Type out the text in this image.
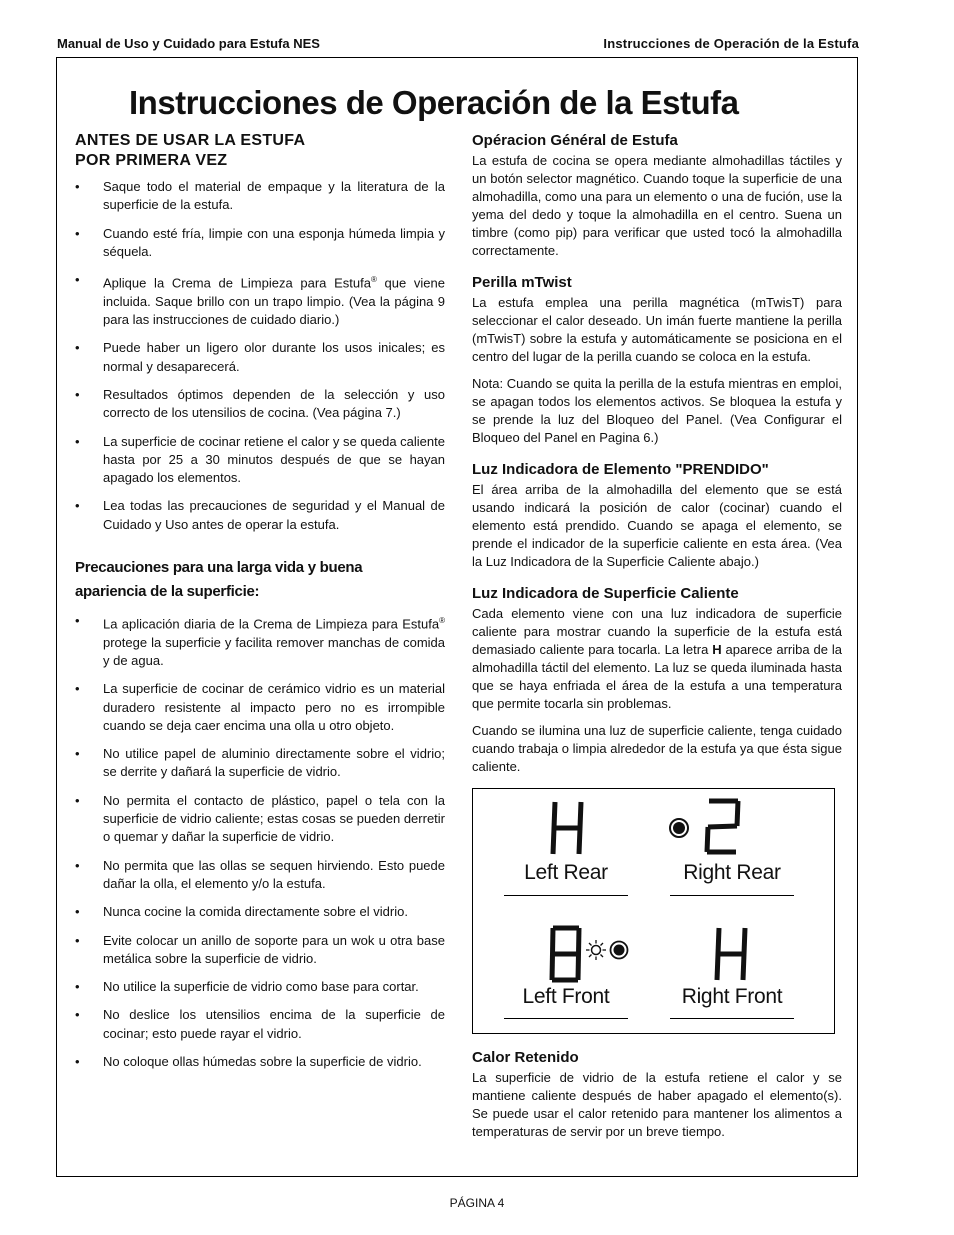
Manual de Uso y Cuidado para Estufa NES	Instrucciones de Operación de la Estufa
Instrucciones de Operación de la Estufa
ANTES DE USAR LA ESTUFA
POR PRIMERA VEZ
• Saque todo el material de empaque y la literatura de la superficie de la estufa.
• Cuando esté fría, limpie con una esponja húmeda limpia y séquela.
• Aplique la Crema de Limpieza para Estufa® que viene incluida. Saque brillo con un trapo limpio. (Vea la página 9 para las instrucciones de cuidado diario.)
• Puede haber un ligero olor durante los usos inicales; es normal y desaparecerá.
• Resultados óptimos dependen de la selección y uso correcto de los utensilios de cocina. (Vea página 7.)
• La superficie de cocinar retiene el calor y se queda caliente hasta por 25 a 30 minutos después de que se hayan apagado los elementos.
• Lea todas las precauciones de seguridad y el Manual de Cuidado y Uso antes de operar la estufa.
Precauciones para una larga vida y buena
apariencia de la superficie:
• La aplicación diaria de la Crema de Limpieza para Estufa® protege la superficie y facilita remover manchas de comida y de agua.
• La superficie de cocinar de cerámico vidrio es un material duradero resistente al impacto pero no es irrompible cuando se deja caer encima una olla u otro objeto.
• No utilice papel de aluminio directamente sobre el vidrio; se derrite y dañará la superficie de vidrio.
• No permita el contacto de plástico, papel o tela con la superficie de vidrio caliente; estas cosas se pueden derretir o quemar y dañar la superficie de vidrio.
• No permita que las ollas se sequen hirviendo. Esto puede dañar la olla, el elemento y/o la estufa.
• Nunca cocine la comida directamente sobre el vidrio.
• Evite colocar un anillo de soporte para un wok u otra base metálica sobre la superficie de vidrio.
• No utilice la superficie de vidrio como base para cortar.
• No deslice los utensilios encima de la superficie de cocinar; esto puede rayar el vidrio.
• No coloque ollas húmedas sobre la superficie de vidrio.
Opéracion Général de Estufa

La estufa de cocina se opera mediante almohadillas táctiles y un botón selector magnético. Cuando toque la superficie de una almohadilla, como una para un elemento o una de fución, use la yema del dedo y toque la almohadilla en el centro. Suena un timbre (como pip) para verificar que usted tocó la almohadilla correctamente.

Perilla mTwist

La estufa emplea una perilla magnética (mTwisT) para seleccionar el calor deseado. Un imán fuerte mantiene la perilla (mTwisT) sobre la estufa y automáticamente se posiciona en el centro del lugar de la perilla cuando se coloca en la estufa.

Nota: Cuando se quita la perilla de la estufa mientras en emploi, se apagan todos los elementos activos. Se bloquea la estufa y se prende la luz del Bloqueo del Panel. (Vea Configurar el Bloqueo del Panel en Pagina 6.)

Luz Indicadora de Elemento "PRENDIDO"

El área arriba de la almohadilla del elemento que se está usando indicará la posición de calor (cocinar) cuando el elemento está prendido. Cuando se apaga el elemento, se prende el indicador de la superficie caliente en esta área. (Vea la Luz Indicadora de la Superficie Caliente abajo.)

Luz Indicadora de Superficie Caliente

Cada elemento viene con una luz indicadora de superficie caliente para mostrar cuando la superficie de la estufa está demasiado caliente para tocarla. La letra H aparece arriba de la almohadilla táctil del elemento. La luz se queda iluminada hasta que se haya enfriada el área de la estufa a una temperatura que permite tocarla sin problemas.

Cuando se ilumina una luz de superficie caliente, tenga cuidado cuando trabaja o limpia alrededor de la estufa ya que ésta sigue caliente.

Left Rear	Right Rear
Left Front	Right Front
Calor Retenido

La superficie de vidrio de la estufa retiene el calor y se mantiene caliente después de haber apagado el elemento(s). Se puede usar el calor retenido para mantener los alimentos a temperaturas de servir por un breve tiempo.

PÁGINA 4
